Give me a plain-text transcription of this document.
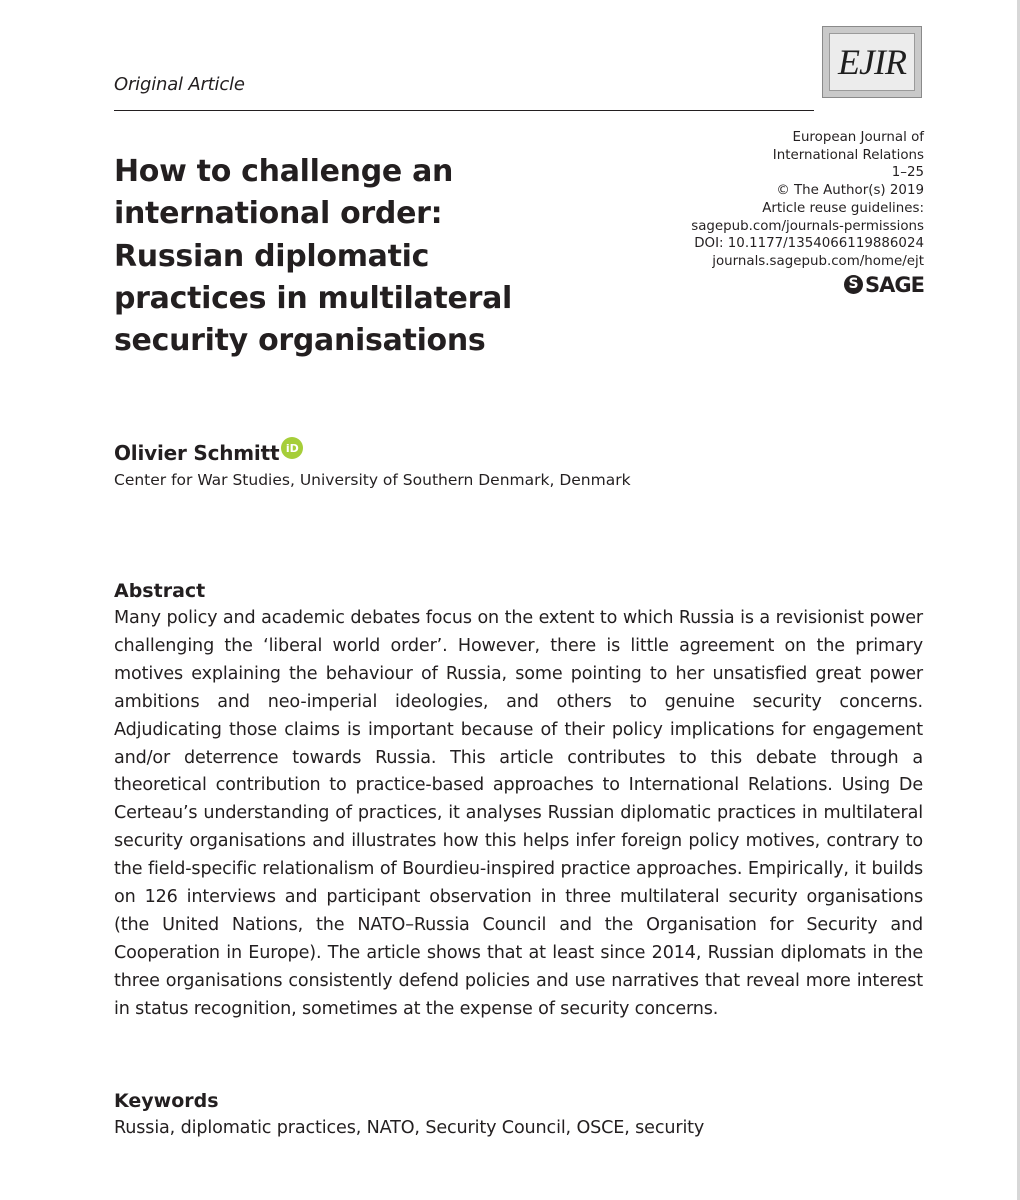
Original Article
EJIR
European Journal of
International Relations
1–25
© The Author(s) 2019
Article reuse guidelines:
sagepub.com/journals-permissions
DOI: 10.1177/1354066119886024
journals.sagepub.com/home/ejt
S SAGE
How to challenge an international order: Russian diplomatic practices in multilateral security organisations
Olivier Schmitt iD
Center for War Studies, University of Southern Denmark, Denmark
Abstract

Many policy and academic debates focus on the extent to which Russia is a revisionist power challenging the ‘liberal world order’. However, there is little agreement on the primary motives explaining the behaviour of Russia, some pointing to her unsatisfied great power ambitions and neo-imperial ideologies, and others to genuine security concerns. Adjudicating those claims is important because of their policy implications for engagement and/or deterrence towards Russia. This article contributes to this debate through a theoretical contribution to practice-based approaches to International Relations. Using De Certeau’s understanding of practices, it analyses Russian diplomatic practices in multilateral security organisations and illustrates how this helps infer foreign policy motives, contrary to the field-specific relationalism of Bourdieu-inspired practice approaches. Empirically, it builds on 126 interviews and participant observation in three multilateral security organisations (the United Nations, the NATO–Russia Council and the Organisation for Security and Cooperation in Europe). The article shows that at least since 2014, Russian diplomats in the three organisations consistently defend policies and use narratives that reveal more interest in status recognition, sometimes at the expense of security concerns.

Keywords
Russia, diplomatic practices, NATO, Security Council, OSCE, security
